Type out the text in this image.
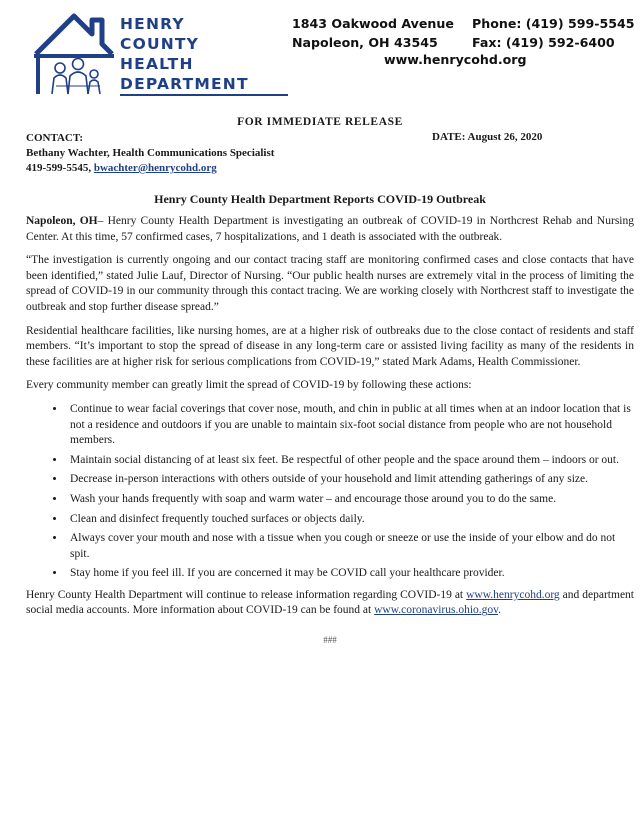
HENRY
COUNTY
HEALTH
DEPARTMENT
1843 Oakwood Avenue
Napoleon, OH 43545
Phone: (419) 599-5545
Fax: (419) 592-6400
www.henrycohd.org
FOR IMMEDIATE RELEASE
CONTACT:
Bethany Wachter, Health Communications Specialist
419-599-5545, bwachter@henrycohd.org
DATE: August 26, 2020
Henry County Health Department Reports COVID-19 Outbreak

Napoleon, OH– Henry County Health Department is investigating an outbreak of COVID-19 in Northcrest Rehab and Nursing Center. At this time, 57 confirmed cases, 7 hospitalizations, and 1 death is associated with the outbreak.

“The investigation is currently ongoing and our contact tracing staff are monitoring confirmed cases and close contacts that have been identified,” stated Julie Lauf, Director of Nursing. “Our public health nurses are extremely vital in the process of limiting the spread of COVID-19 in our community through this contact tracing. We are working closely with Northcrest staff to investigate the outbreak and stop further disease spread.”

Residential healthcare facilities, like nursing homes, are at a higher risk of outbreaks due to the close contact of residents and staff members. “It’s important to stop the spread of disease in any long-term care or assisted living facility as many of the residents in these facilities are at higher risk for serious complications from COVID-19,” stated Mark Adams, Health Commissioner.

Every community member can greatly limit the spread of COVID-19 by following these actions:

• Continue to wear facial coverings that cover nose, mouth, and chin in public at all times when at an indoor location that is not a residence and outdoors if you are unable to maintain six-foot social distance from people who are not household members.
• Maintain social distancing of at least six feet. Be respectful of other people and the space around them – indoors or out.
• Decrease in-person interactions with others outside of your household and limit attending gatherings of any size.
• Wash your hands frequently with soap and warm water – and encourage those around you to do the same.
• Clean and disinfect frequently touched surfaces or objects daily.
• Always cover your mouth and nose with a tissue when you cough or sneeze or use the inside of your elbow and do not spit.
• Stay home if you feel ill. If you are concerned it may be COVID call your healthcare provider.

Henry County Health Department will continue to release information regarding COVID-19 at www.henrycohd.org and department social media accounts. More information about COVID-19 can be found at www.coronavirus.ohio.gov.

###
